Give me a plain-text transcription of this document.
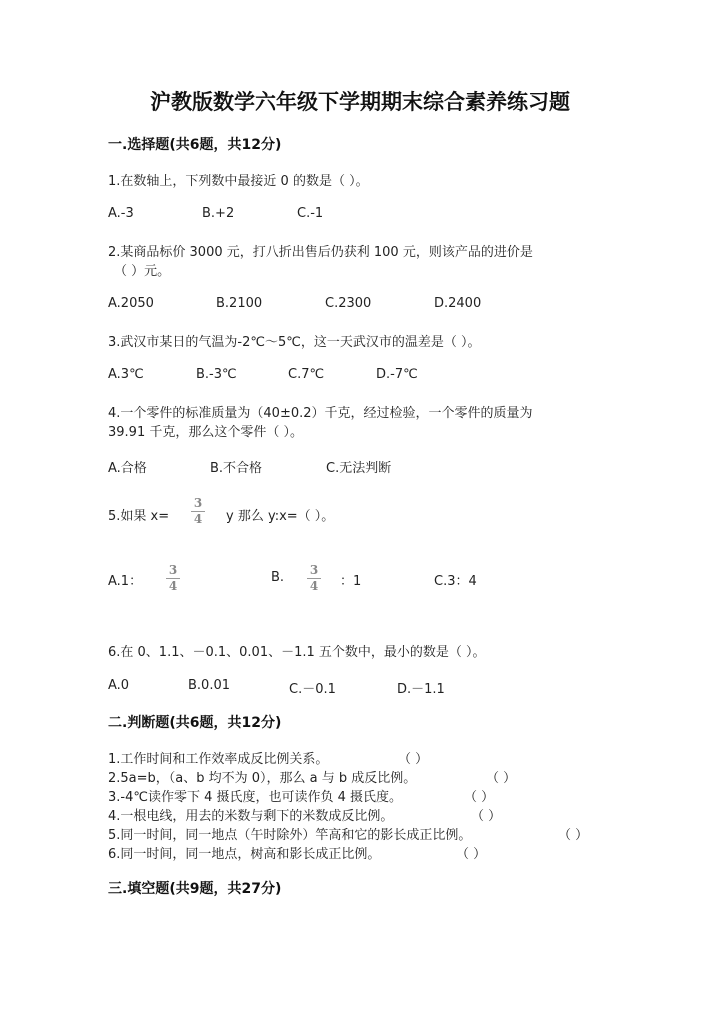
沪教版数学六年级下学期期末综合素养练习题
一.选择题(共6题，共12分)
1.在数轴上，下列数中最接近 0 的数是（ ）。
A.-3	B.+2	C.-1
2.某商品标价 3000 元，打八折出售后仍获利 100 元，则该产品的进价是
（ ）元。
A.2050	B.2100	C.2300	D.2400
3.武汉市某日的气温为-2℃～5℃，这一天武汉市的温差是（ ）。
A.3℃	B.-3℃	C.7℃	D.-7℃
4.一个零件的标准质量为（40±0.2）千克，经过检验，一个零件的质量为
39.91 千克，那么这个零件（ ）。
A.合格	B.不合格	C.无法判断
5.如果 x=
3
4 y 那么 y:x=（ ）。
A.1：
3
4
B. 3
4 ：1	C.3：4
6.在 0、1.1、－0.1、0.01、－1.1 五个数中，最小的数是（ ）。
A.0	B.0.01	C.－0.1	D.－1.1
二.判断题(共6题，共12分)
1.工作时间和工作效率成反比例关系。	（ ）
2.5a=b，（a、b 均不为 0），那么 a 与 b 成反比例。	（ ）
3.-4℃读作零下 4 摄氏度，也可读作负 4 摄氏度。	（ ）
4.一根电线，用去的米数与剩下的米数成反比例。	（ ）
5.同一时间，同一地点（午时除外）竿高和它的影长成正比例。	（ ）
6.同一时间，同一地点，树高和影长成正比例。	（ ）
三.填空题(共9题，共27分)
